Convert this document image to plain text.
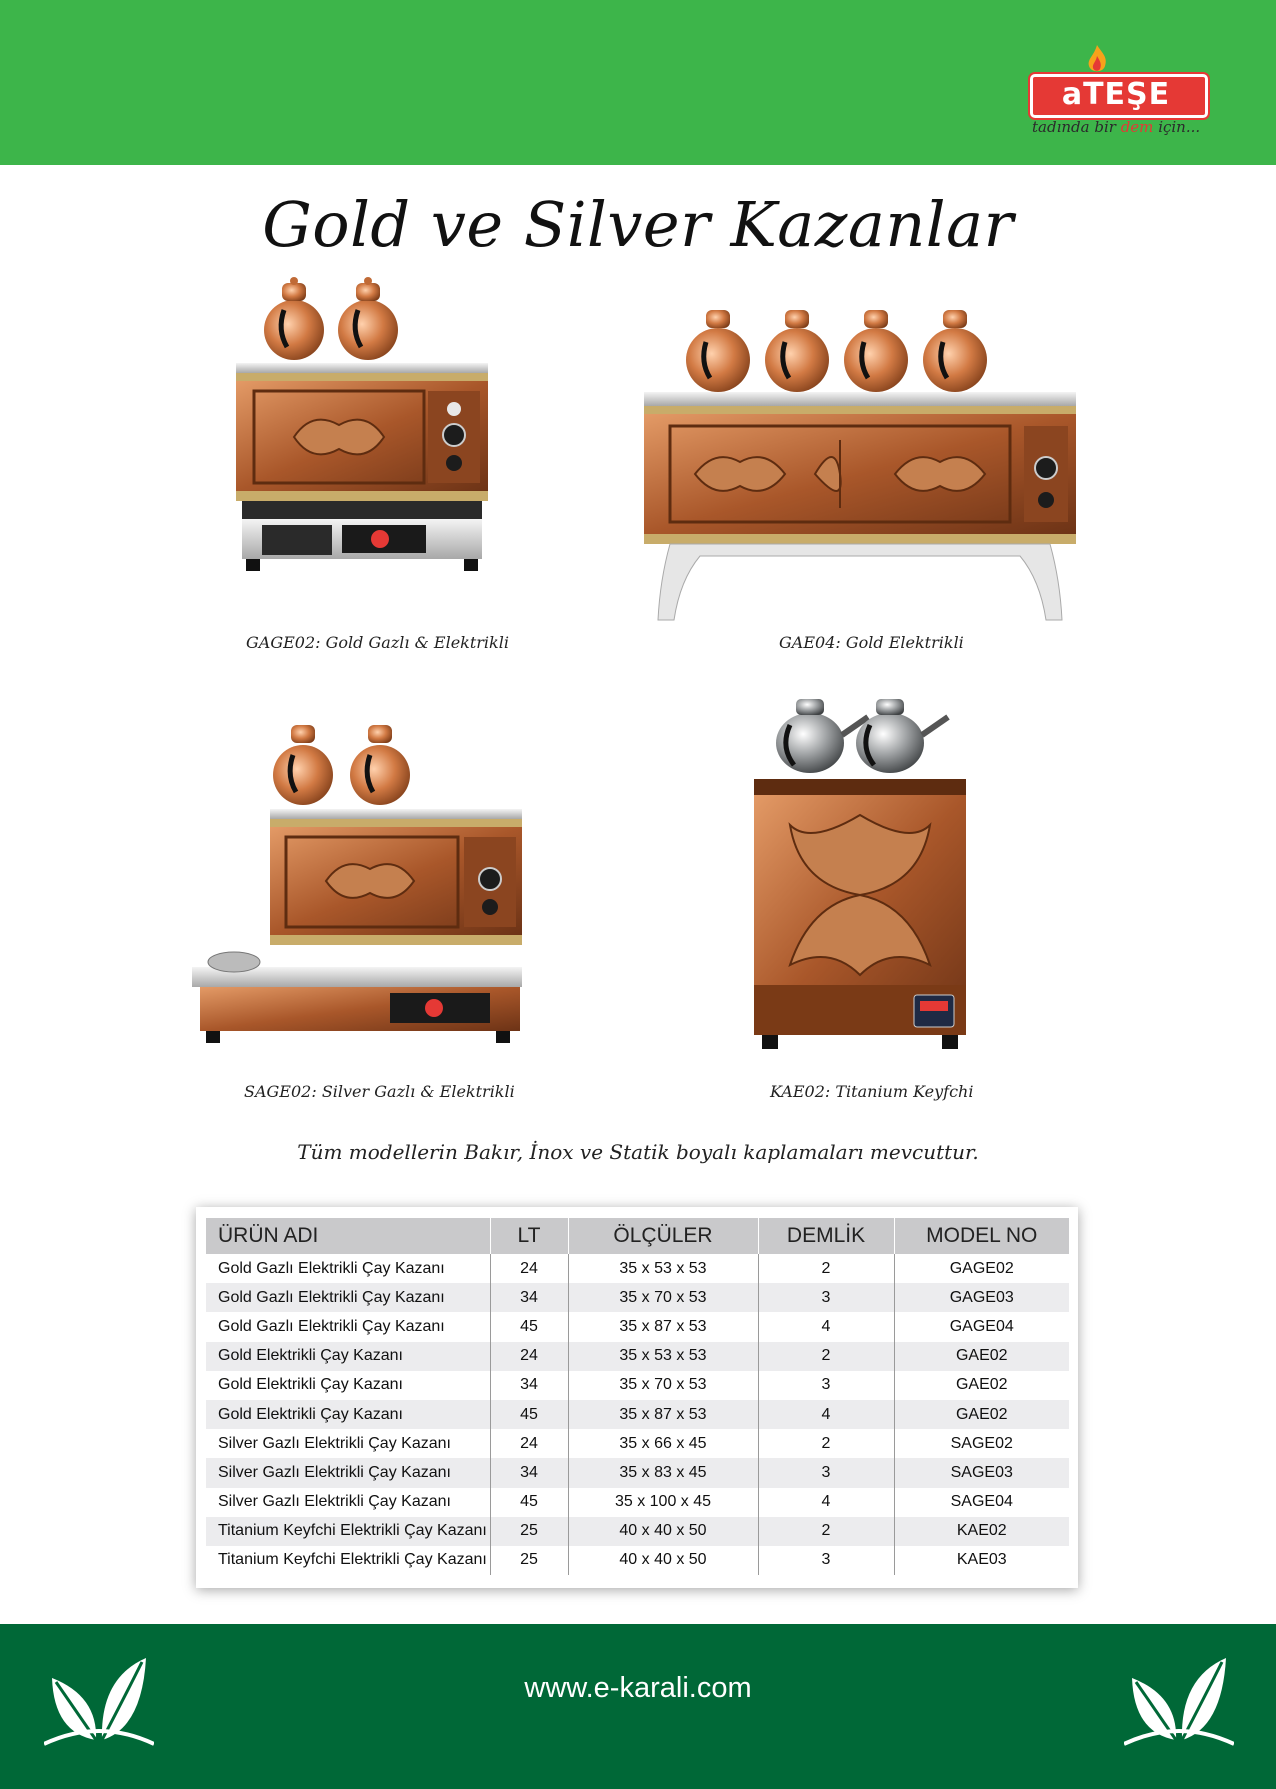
aTEŞE
tadında bir dem için...
Gold ve Silver Kazanlar
GAGE02: Gold Gazlı & Elektrikli	GAE04: Gold Elektrikli
SAGE02: Silver Gazlı & Elektrikli	KAE02: Titanium Keyfchi
Tüm modellerin Bakır, İnox ve Statik boyalı kaplamaları mevcuttur.
ÜRÜN ADI	LT	ÖLÇÜLER	DEMLİK	MODEL NO
Gold Gazlı Elektrikli Çay Kazanı	24	35 x 53 x 53	2	GAGE02
Gold Gazlı Elektrikli Çay Kazanı	34	35 x 70 x 53	3	GAGE03
Gold Gazlı Elektrikli Çay Kazanı	45	35 x 87 x 53	4	GAGE04
Gold Elektrikli Çay Kazanı	24	35 x 53 x 53	2	GAE02
Gold Elektrikli Çay Kazanı	34	35 x 70 x 53	3	GAE02
Gold Elektrikli Çay Kazanı	45	35 x 87 x 53	4	GAE02
Silver Gazlı Elektrikli Çay Kazanı	24	35 x 66 x 45	2	SAGE02
Silver Gazlı Elektrikli Çay Kazanı	34	35 x 83 x 45	3	SAGE03
Silver Gazlı Elektrikli Çay Kazanı	45	35 x 100 x 45	4	SAGE04
Titanium Keyfchi Elektrikli Çay Kazanı	25	40 x 40 x 50	2	KAE02
Titanium Keyfchi Elektrikli Çay Kazanı	25	40 x 40 x 50	3	KAE03
www.e-karali.com
